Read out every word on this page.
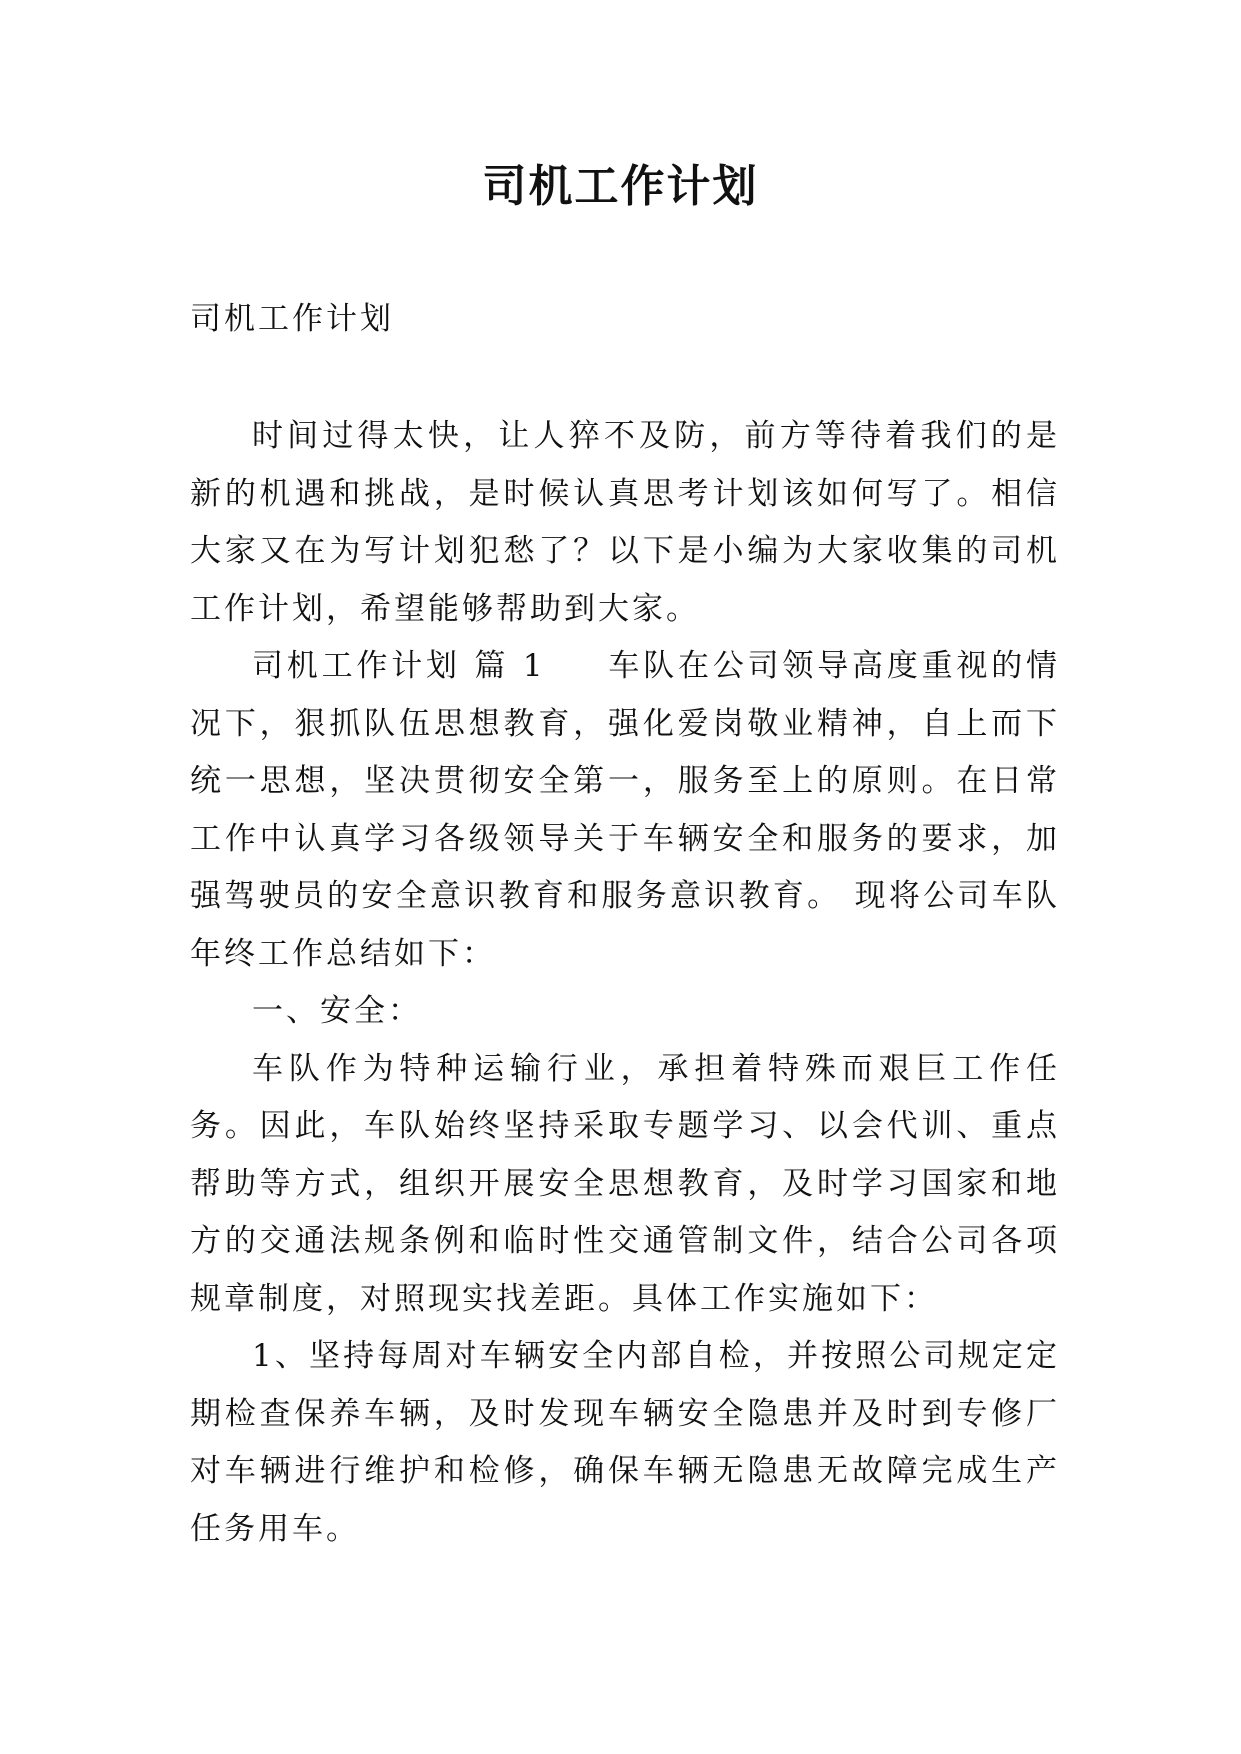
司机工作计划

司机工作计划

时间过得太快，让人猝不及防，前方等待着我们的是新的机遇和挑战，是时候认真思考计划该如何写了。相信大家又在为写计划犯愁了？以下是小编为大家收集的司机工作计划，希望能够帮助到大家。

司机工作计划 篇 1 车队在公司领导高度重视的情况下，狠抓队伍思想教育，强化爱岗敬业精神，自上而下统一思想，坚决贯彻安全第一，服务至上的原则。在日常工作中认真学习各级领导关于车辆安全和服务的要求，加强驾驶员的安全意识教育和服务意识教育。 现将公司车队年终工作总结如下：

一、安全：

车队作为特种运输行业，承担着特殊而艰巨工作任务。因此，车队始终坚持采取专题学习、以会代训、重点帮助等方式，组织开展安全思想教育，及时学习国家和地方的交通法规条例和临时性交通管制文件，结合公司各项规章制度，对照现实找差距。具体工作实施如下：

1、坚持每周对车辆安全内部自检，并按照公司规定定期检查保养车辆，及时发现车辆安全隐患并及时到专修厂对车辆进行维护和检修，确保车辆无隐患无故障完成生产任务用车。
